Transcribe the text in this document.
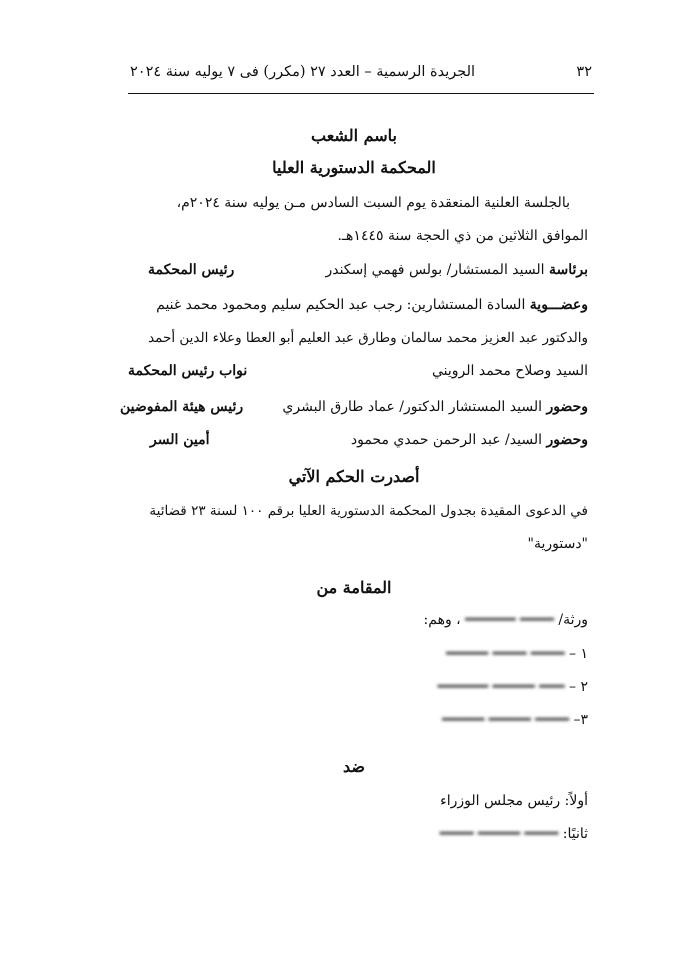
٣٢
الجريدة الرسمية – العدد ٢٧ (مكرر) فى ٧ يوليه سنة ٢٠٢٤
باسم الشعب
المحكمة الدستورية العليا
بالجلسة العلنية المنعقدة يوم السبت السادس مـن يوليه سنة ٢٠٢٤م،
الموافق الثلاثين من ذي الحجة سنة ١٤٤٥هـ.
برئاسة السيد المستشار/ بولس فهمي إسكندر
رئيس المحكمة
وعضـــوية السادة المستشارين: رجب عبد الحكيم سليم ومحمود محمد غنيم
والدكتور عبد العزيز محمد سالمان وطارق عبد العليم أبو العطا وعلاء الدين أحمد
السيد وصلاح محمد الرويني
نواب رئيس المحكمة
وحضور السيد المستشار الدكتور/ عماد طارق البشري
رئيس هيئة المفوضين
وحضور السيد/ عبد الرحمن حمدي محمود
أمين السر
أصدرت الحكم الآتي
في الدعوى المقيدة بجدول المحكمة الدستورية العليا برقم ١٠٠ لسنة ٢٣ قضائية
"دستورية"
المقامة من
ورثة/ ━━━━ ━━━━━━ ، وهم:
١ – ━━━━ ━━━━ ━━━━━
٢ – ━━━ ━━━━━ ━━━━━━
٣– ━━━━ ━━━━━ ━━━━━
ضد
أولاً: رئيس مجلس الوزراء
ثانيًا: ━━━━ ━━━━━ ━━━━
